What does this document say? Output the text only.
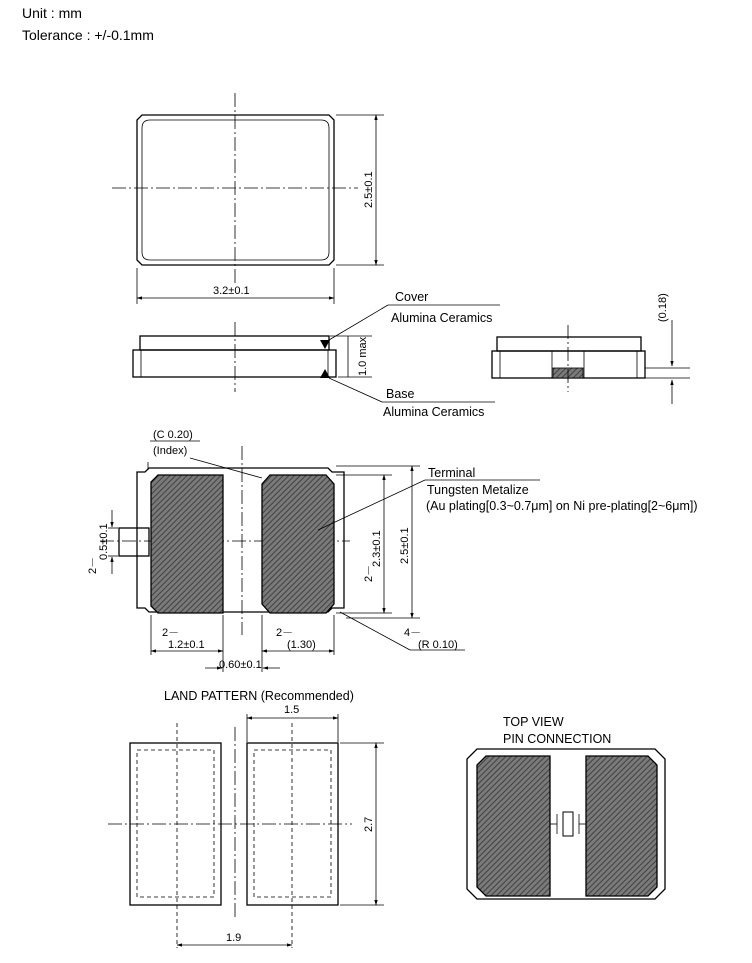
Unit : mm
Tolerance : +/-0.1mm
3.2±0.1
2.5±0.1
Cover
Alumina Ceramics
Base
Alumina Ceramics
1.0 max
(0.18)
(C 0.20)
(Index)
Terminal
Tungsten Metalize
(Au plating[0.3~0.7μm] on Ni pre-plating[2~6μm])
0.5±0.1
2－	2.3±0.1
2－
2.5±0.1
2－
1.2±0.1
2－
(1.30)
4－
(R 0.10)
0.60±0.1
LAND PATTERN (Recommended)
1.5
2.7
1.9
TOP VIEW
PIN CONNECTION
